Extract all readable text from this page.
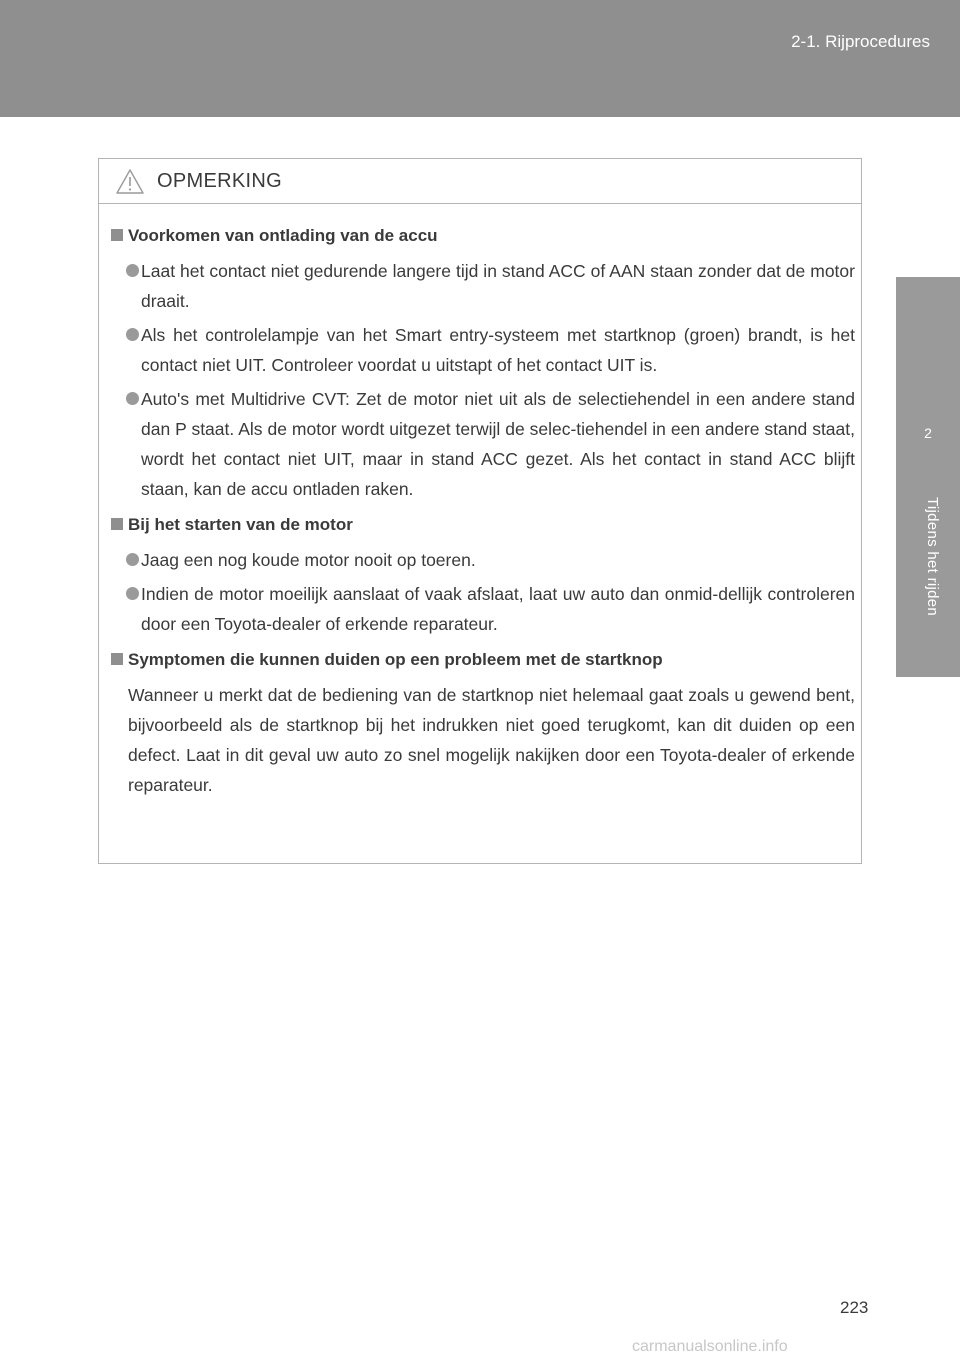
2-1. Rijprocedures
2
Tijdens het rijden
OPMERKING
Voorkomen van ontlading van de accu
Laat het contact niet gedurende langere tijd in stand ACC of AAN staan zonder dat de motor draait.
Als het controlelampje van het Smart entry-systeem met startknop (groen) brandt, is het contact niet UIT. Controleer voordat u uitstapt of het contact UIT is.
Auto's met Multidrive CVT: Zet de motor niet uit als de selectiehendel in een andere stand dan P staat. Als de motor wordt uitgezet terwijl de selec-tiehendel in een andere stand staat, wordt het contact niet UIT, maar in stand ACC gezet. Als het contact in stand ACC blijft staan, kan de accu ontladen raken.
Bij het starten van de motor
Jaag een nog koude motor nooit op toeren.
Indien de motor moeilijk aanslaat of vaak afslaat, laat uw auto dan onmid-dellijk controleren door een Toyota-dealer of erkende reparateur.
Symptomen die kunnen duiden op een probleem met de startknop
Wanneer u merkt dat de bediening van de startknop niet helemaal gaat zoals u gewend bent, bijvoorbeeld als de startknop bij het indrukken niet goed terugkomt, kan dit duiden op een defect. Laat in dit geval uw auto zo snel mogelijk nakijken door een Toyota-dealer of erkende reparateur.
223
carmanualsonline.info
